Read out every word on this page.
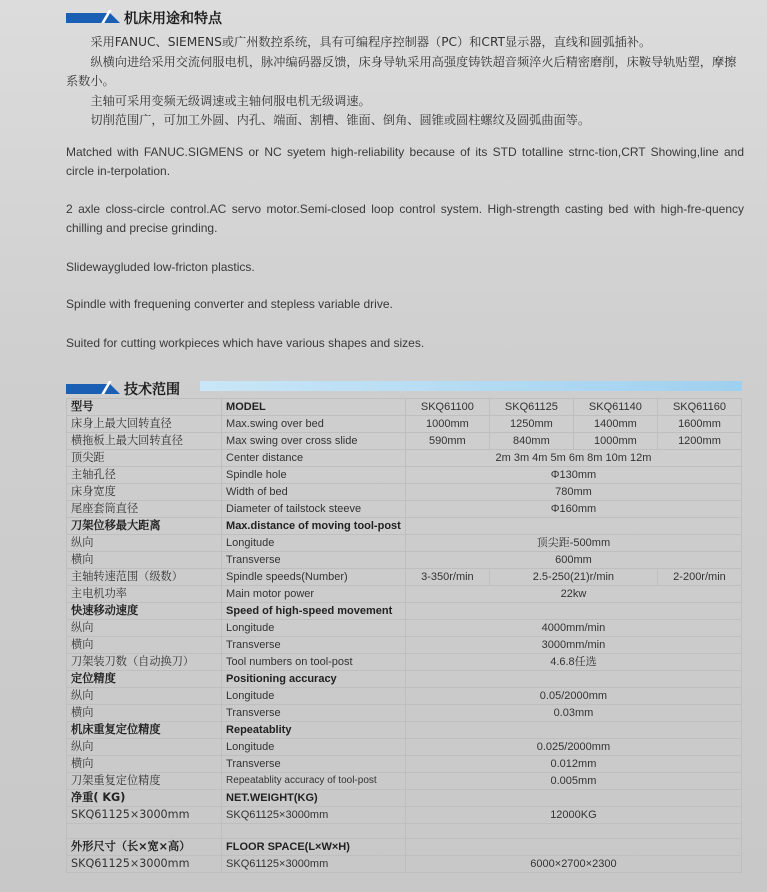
机床用途和特点

采用FANUC、SIEMENS或广州数控系统，具有可编程序控制器（PC）和CRT显示器，直线和圆弧插补。

纵横向进给采用交流伺服电机，脉冲编码器反馈，床身导轨采用高强度铸铁超音频淬火后精密磨削，床鞍导轨贴塑，摩擦系数小。

主轴可采用变频无级调速或主轴伺服电机无级调速。

切削范围广，可加工外圆、内孔、端面、割槽、锥面、倒角、圆锥或圆柱螺纹及圆弧曲面等。

Matched with FANUC.SIGMENS or NC syetem high-reliability because of its STD totalline strnc-tion,CRT Showing,line and circle in-terpolation.
2 axle closs-circle control.AC servo motor.Semi-closed loop control system. High-strength casting bed with high-fre-quency chilling and precise grinding.
Slidewaygluded low-fricton plastics.
Spindle with frequening converter and stepless variable drive.
Suited for cutting workpieces which have various shapes and sizes.
技术范围
型号	MODEL	SKQ61100	SKQ61125	SKQ61140	SKQ61160
床身上最大回转直径	Max.swing over bed	1000mm	1250mm	1400mm	1600mm
横拖板上最大回转直径	Max swing over cross slide	590mm	840mm	1000mm	1200mm
顶尖距	Center distance	2m 3m 4m 5m 6m 8m 10m 12m			
主轴孔径	Spindle hole	Φ130mm			
床身宽度	Width of bed	780mm			
尾座套筒直径	Diameter of tailstock steeve	Φ160mm			
刀架位移最大距离	Max.distance of moving tool-post				
纵向	Longitude	顶尖距-500mm			
横向	Transverse	600mm			
主轴转速范围（级数）	Spindle speeds(Number)	3-350r/min	2.5-250(21)r/min		2-200r/min
主电机功率	Main motor power	22kw			
快速移动速度	Speed of high-speed movement				
纵向	Longitude	4000mm/min			
横向	Transverse	3000mm/min			
刀架装刀数（自动换刀）	Tool numbers on tool-post	4.6.8任选			
定位精度	Positioning accuracy				
纵向	Longitude	0.05/2000mm			
横向	Transverse	0.03mm			
机床重复定位精度	Repeatablity				
纵向	Longitude	0.025/2000mm			
横向	Transverse	0.012mm			
刀架重复定位精度	Repeatablity accuracy of tool-post	0.005mm			
净重( KG)	NET.WEIGHT(KG)				
SKQ61125×3000mm	SKQ61125×3000mm	12000KG			

外形尺寸（长×宽×高）	FLOOR SPACE(L×W×H)				
SKQ61125×3000mm	SKQ61125×3000mm	6000×2700×2300			
